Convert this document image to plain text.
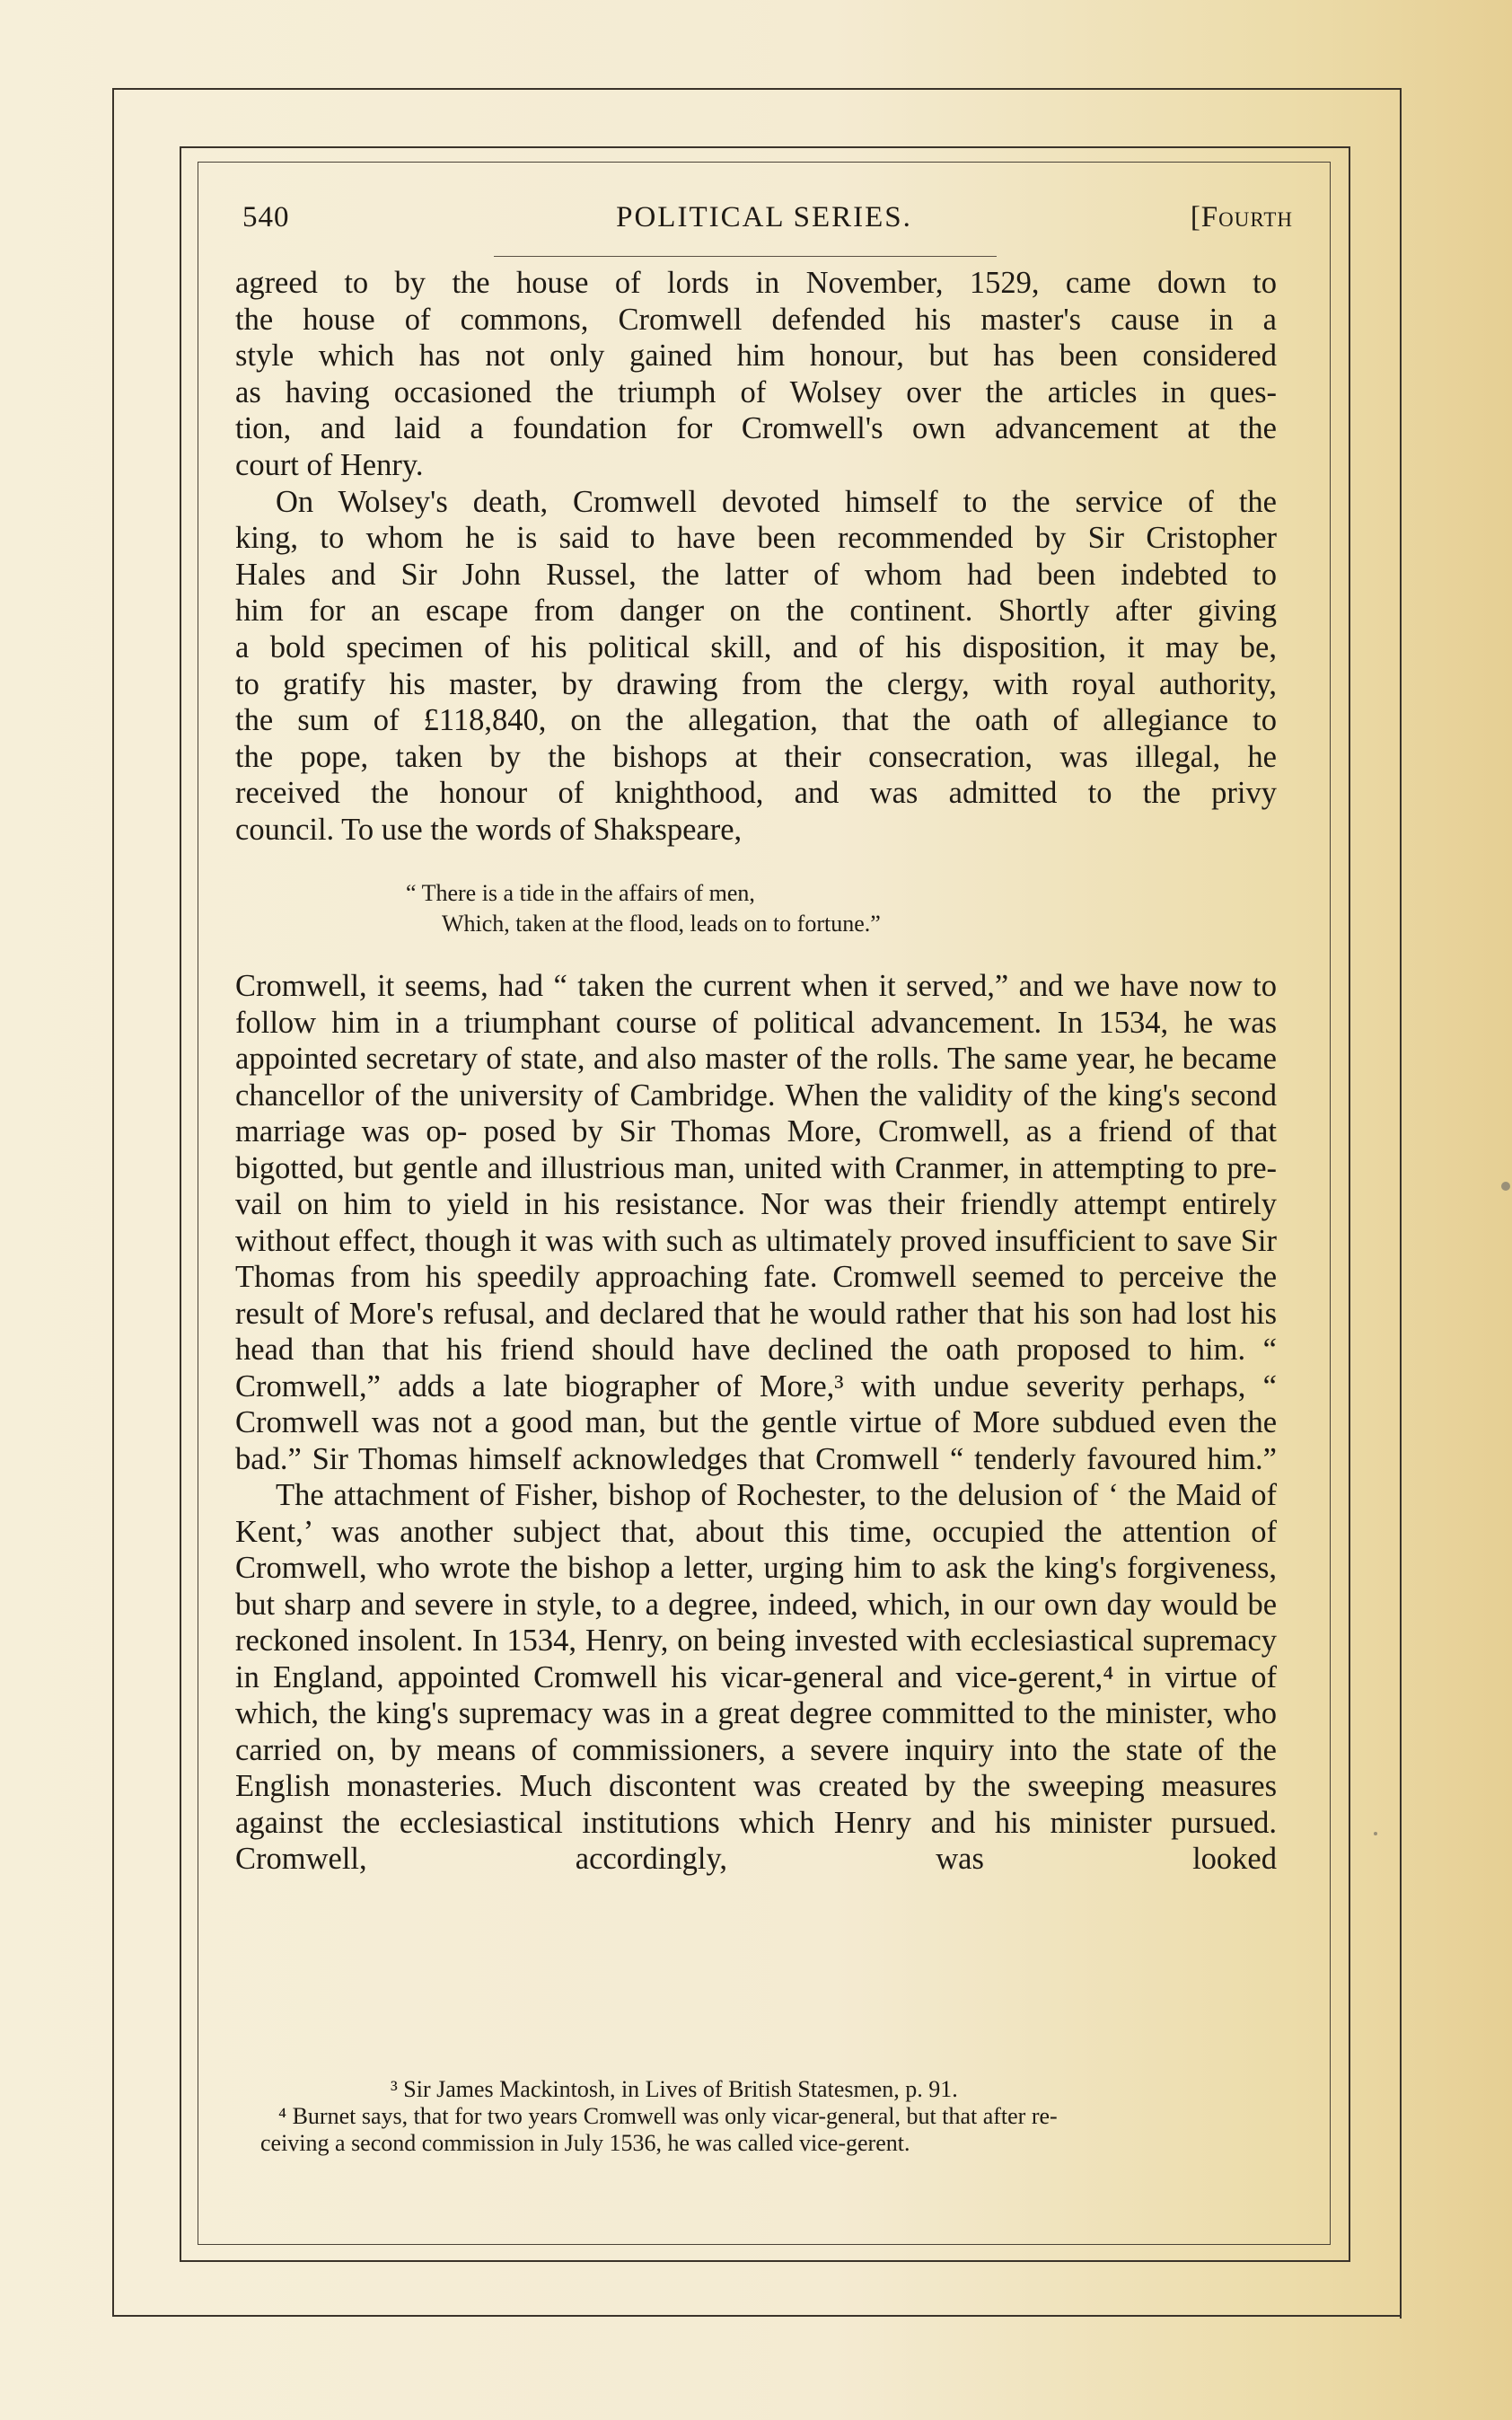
540	POLITICAL SERIES.	[Fourth
agreed to by the house of lords in November, 1529, came down to
the house of commons, Cromwell defended his master's cause in a
style which has not only gained him honour, but has been considered
as having occasioned the triumph of Wolsey over the articles in ques-
tion, and laid a foundation for Cromwell's own advancement at the
court of Henry.
On Wolsey's death, Cromwell devoted himself to the service of the
king, to whom he is said to have been recommended by Sir Cristopher
Hales and Sir John Russel, the latter of whom had been indebted to
him for an escape from danger on the continent. Shortly after giving
a bold specimen of his political skill, and of his disposition, it may be,
to gratify his master, by drawing from the clergy, with royal authority,
the sum of £118,840, on the allegation, that the oath of allegiance to
the pope, taken by the bishops at their consecration, was illegal, he
received the honour of knighthood, and was admitted to the privy
council. To use the words of Shakspeare,
“ There is a tide in the affairs of men,
Which, taken at the flood, leads on to fortune.”
Cromwell, it seems, had “ taken the current when it served,” and we have now to follow him in a triumphant course of political advancement. In 1534, he was appointed secretary of state, and also master of the rolls. The same year, he became chancellor of the university of Cambridge. When the validity of the king's second marriage was op- posed by Sir Thomas More, Cromwell, as a friend of that bigotted, but gentle and illustrious man, united with Cranmer, in attempting to pre- vail on him to yield in his resistance. Nor was their friendly attempt entirely without effect, though it was with such as ultimately proved insufficient to save Sir Thomas from his speedily approaching fate. Cromwell seemed to perceive the result of More's refusal, and declared that he would rather that his son had lost his head than that his friend should have declined the oath proposed to him. “ Cromwell,” adds a late biographer of More,³ with undue severity perhaps, “ Cromwell was not a good man, but the gentle virtue of More subdued even the bad.” Sir Thomas himself acknowledges that Cromwell “ tenderly favoured him.”
The attachment of Fisher, bishop of Rochester, to the delusion of ‘ the Maid of Kent,’ was another subject that, about this time, occupied the attention of Cromwell, who wrote the bishop a letter, urging him to ask the king's forgiveness, but sharp and severe in style, to a degree, indeed, which, in our own day would be reckoned insolent. In 1534, Henry, on being invested with ecclesiastical supremacy in England, appointed Cromwell his vicar-general and vice-gerent,⁴ in virtue of which, the king's supremacy was in a great degree committed to the minister, who carried on, by means of commissioners, a severe inquiry into the state of the English monasteries. Much discontent was created by the sweeping measures against the ecclesiastical institutions which Henry and his minister pursued. Cromwell, accordingly, was looked
³ Sir James Mackintosh, in Lives of British Statesmen, p. 91.
⁴ Burnet says, that for two years Cromwell was only vicar-general, but that after re-
ceiving a second commission in July 1536, he was called vice-gerent.
